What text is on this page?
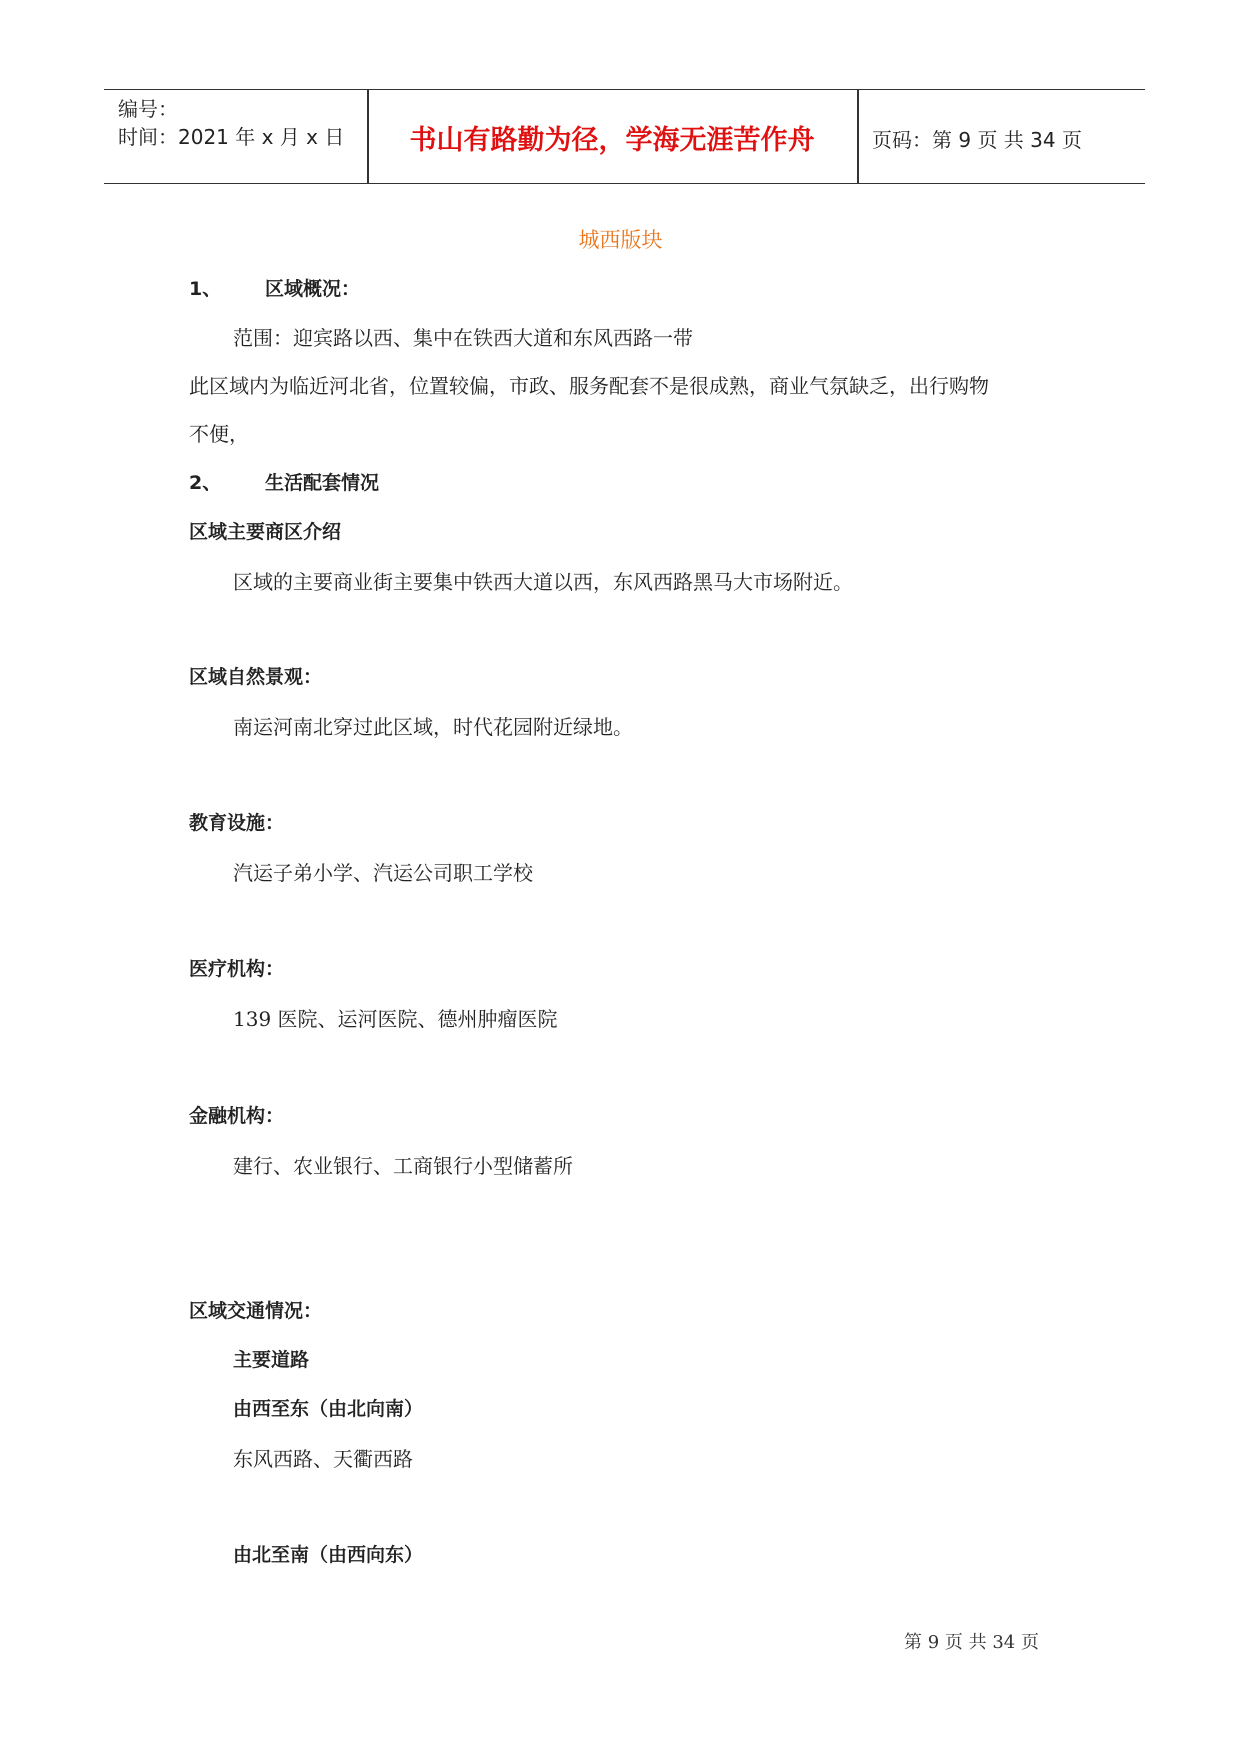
编号：
时间：2021 年 x 月 x 日	书山有路勤为径，学海无涯苦作舟	页码：第 9 页 共 34 页
城西版块
1、 区域概况：
范围：迎宾路以西、集中在铁西大道和东风西路一带
此区域内为临近河北省，位置较偏，市政、服务配套不是很成熟，商业气氛缺乏，出行购物
不便，
2、 生活配套情况
区域主要商区介绍
区域的主要商业街主要集中铁西大道以西，东风西路黑马大市场附近。
区域自然景观：
南运河南北穿过此区域，时代花园附近绿地。
教育设施：
汽运子弟小学、汽运公司职工学校
医疗机构：
139 医院、运河医院、德州肿瘤医院
金融机构：
建行、农业银行、工商银行小型储蓄所
区域交通情况：
主要道路
由西至东（由北向南）
东风西路、天衢西路
由北至南（由西向东）
第 9 页 共 34 页
